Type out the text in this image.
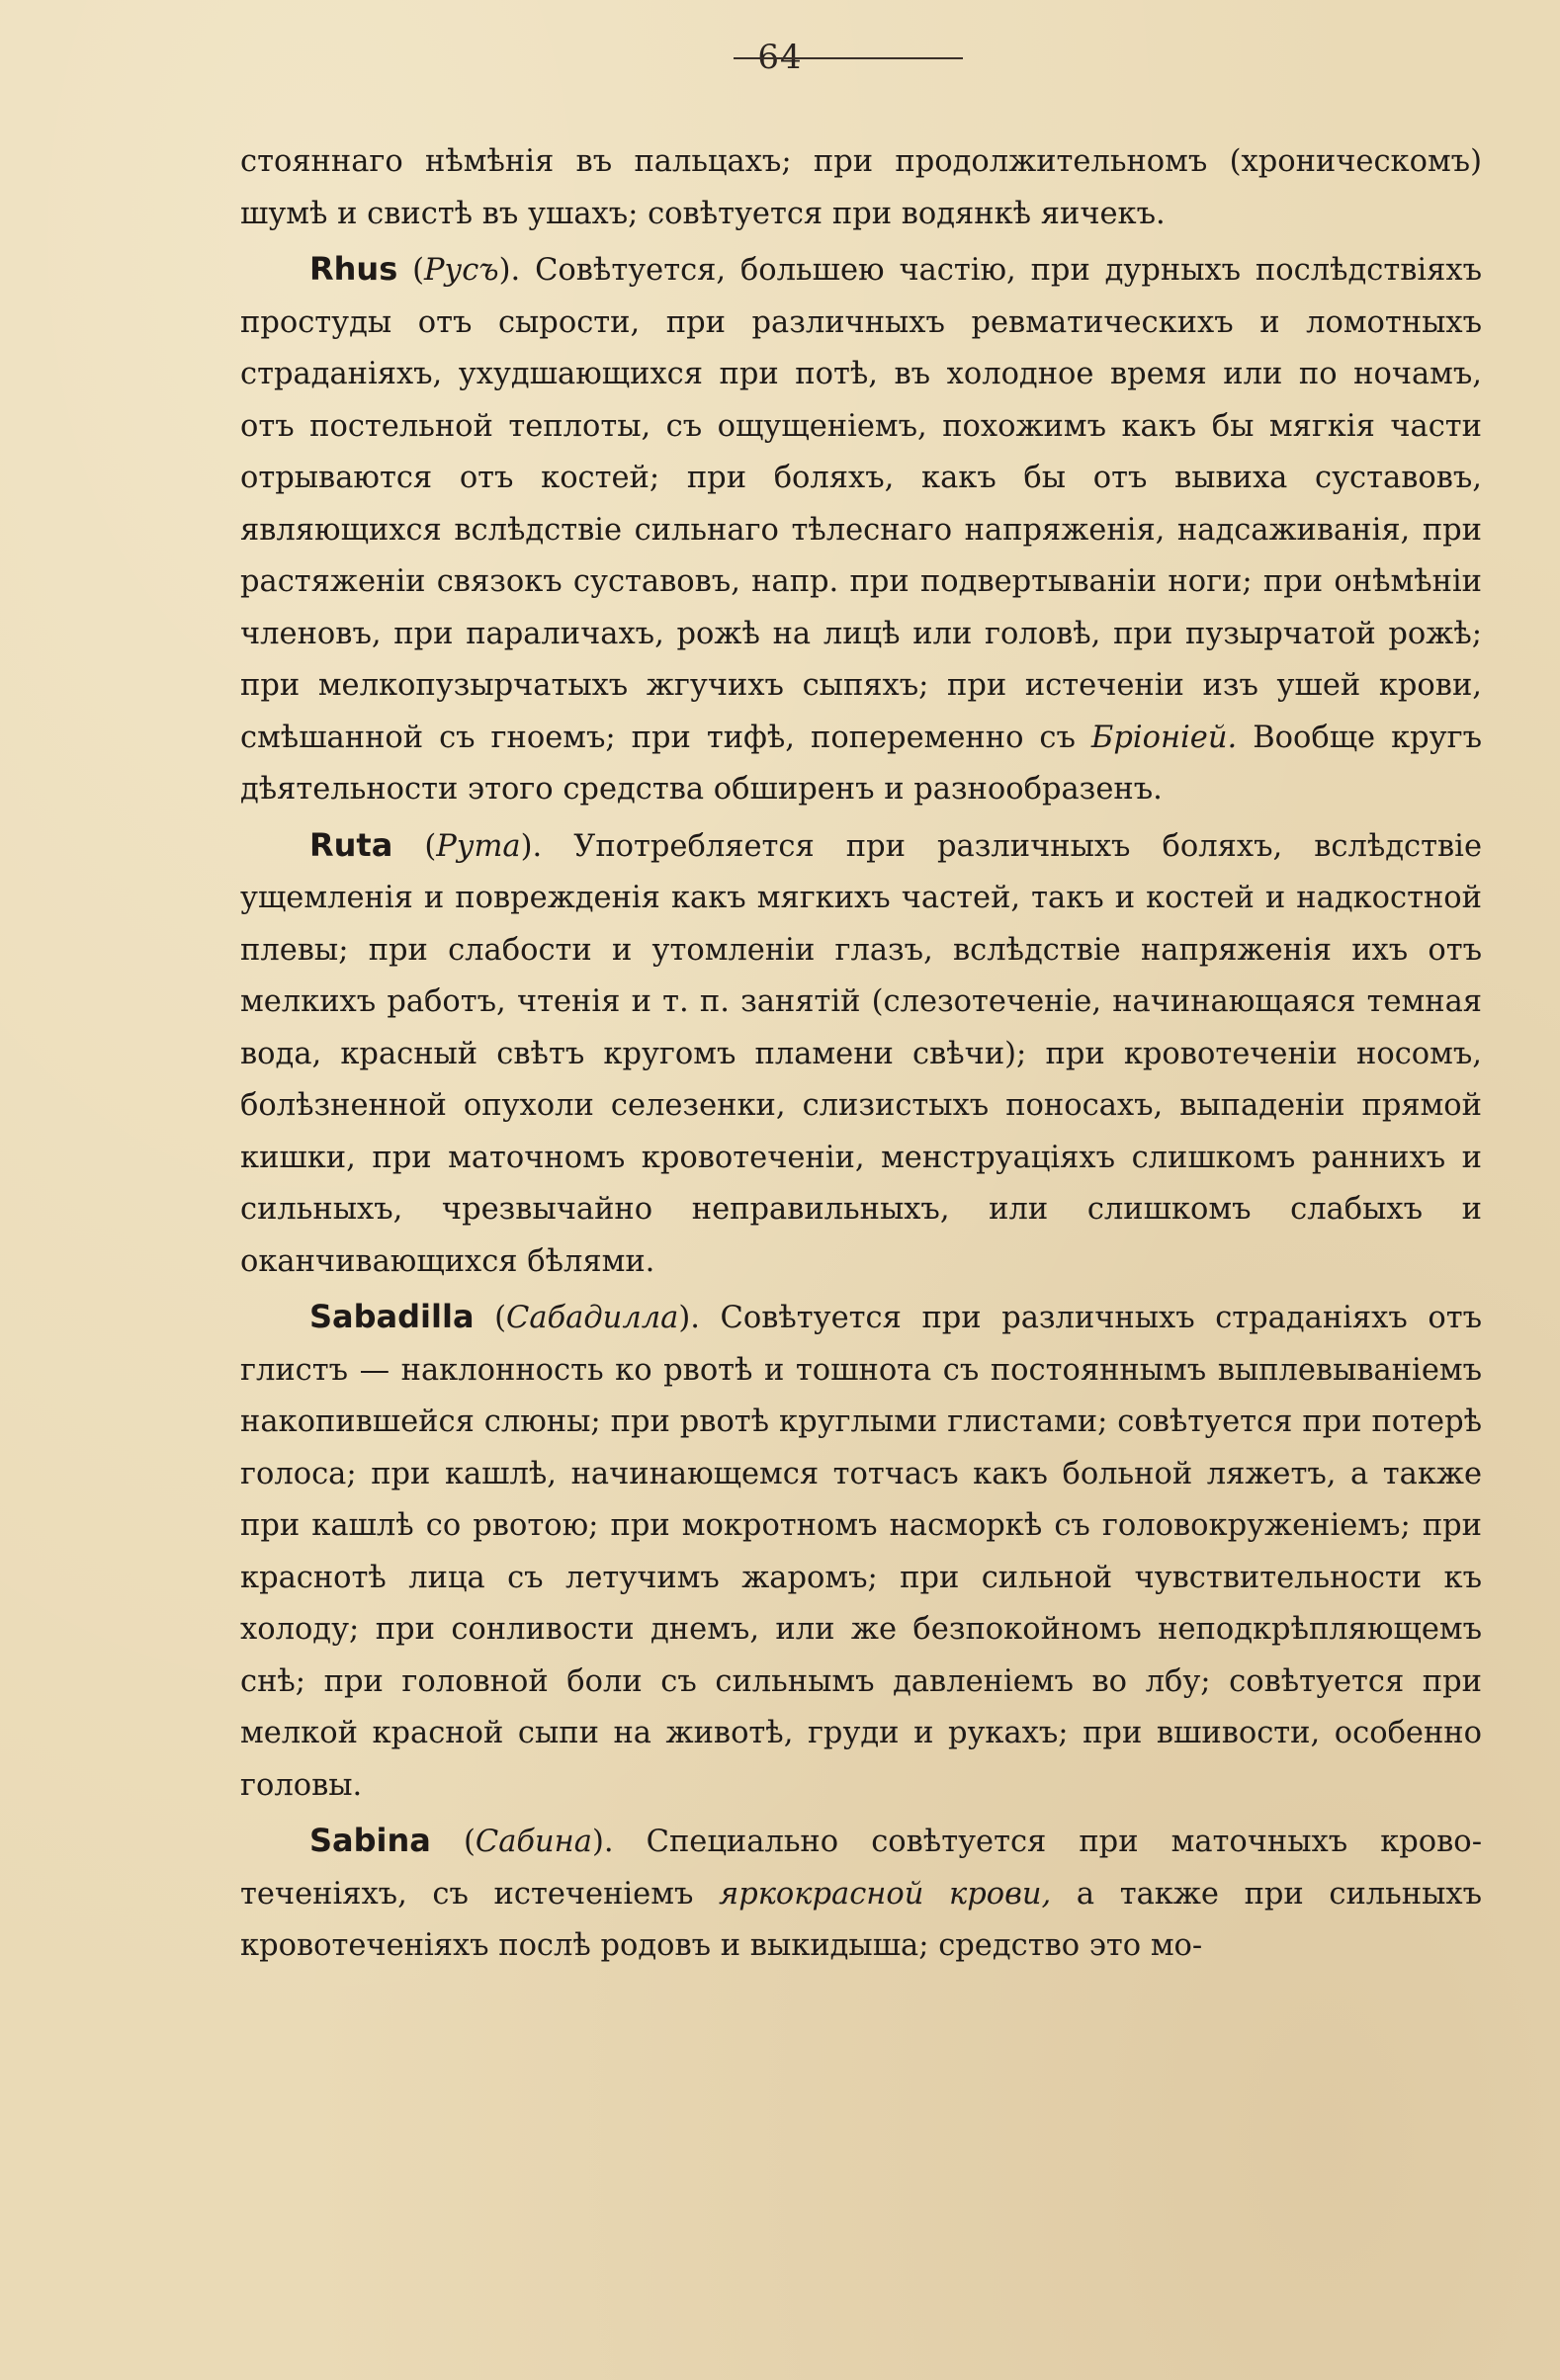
64

стояннаго нѣмѣнія въ пальцахъ; при продолжительномъ (хроническомъ) шумѣ и свистѣ въ ушахъ; совѣтуется при водянкѣ яичекъ.

Rhus (Русъ). Совѣтуется, большею частію, при дурныхъ послѣдствіяхъ простуды отъ сырости, при различныхъ ревматическихъ и ломотныхъ страданіяхъ, ухудшающихся при потѣ, въ холодное время или по ночамъ, отъ постельной теплоты, съ ощущеніемъ, похожимъ какъ бы мягкія части отрываются отъ костей; при боляхъ, какъ бы отъ вывиха суставовъ, являющихся вслѣдствіе сильнаго тѣлеснаго напряженія, надсаживанія, при растяженіи связокъ суставовъ, напр. при подвертываніи ноги; при онѣмѣніи членовъ, при параличахъ, рожѣ на лицѣ или головѣ, при пузырчатой рожѣ; при мелкопузырчатыхъ жгучихъ сыпяхъ; при истеченіи изъ ушей крови, смѣшанной съ гноемъ; при тифѣ, попеременно съ Бріоніей. Вообще кругъ дѣятельности этого средства обширенъ и разнообразенъ.

Ruta (Рута). Употребляется при различныхъ боляхъ, вслѣдствіе ущемленія и поврежденія какъ мягкихъ частей, такъ и костей и надкостной плевы; при слабости и утомленіи глазъ, вслѣдствіе напряженія ихъ отъ мелкихъ работъ, чтенія и т. п. занятій (слезотеченіе, начинающаяся темная вода, красный свѣтъ кругомъ пламени свѣчи); при кровотеченіи носомъ, болѣзненной опухоли селезенки, слизистыхъ поносахъ, выпаденіи прямой кишки, при маточномъ кровотеченіи, менструаціяхъ слишкомъ раннихъ и сильныхъ, чрезвычайно неправильныхъ, или слишкомъ слабыхъ и оканчивающихся бѣлями.

Sabadilla (Сабадилла). Совѣтуется при различныхъ страданіяхъ отъ глистъ — наклонность ко рвотѣ и тошнота съ постояннымъ выплевываніемъ накопившейся слюны; при рвотѣ круглыми глистами; совѣтуется при потерѣ голоса; при кашлѣ, начинающемся тотчасъ какъ больной ляжетъ, а также при кашлѣ со рвотою; при мокротномъ насморкѣ съ головокруженіемъ; при краснотѣ лица съ летучимъ жаромъ; при сильной чувствительности къ холоду; при сонливости днемъ, или же безпокойномъ неподкрѣпляющемъ снѣ; при головной боли съ сильнымъ давленіемъ во лбу; совѣтуется при мелкой красной сыпи на животѣ, груди и рукахъ; при вшивости, особенно головы.

Sabina (Сабина). Специально совѣтуется при маточныхъ кровотеченіяхъ, съ истеченіемъ яркокрасной крови, а также при сильныхъ кровотеченіяхъ послѣ родовъ и выкидыша; средство это мо-
